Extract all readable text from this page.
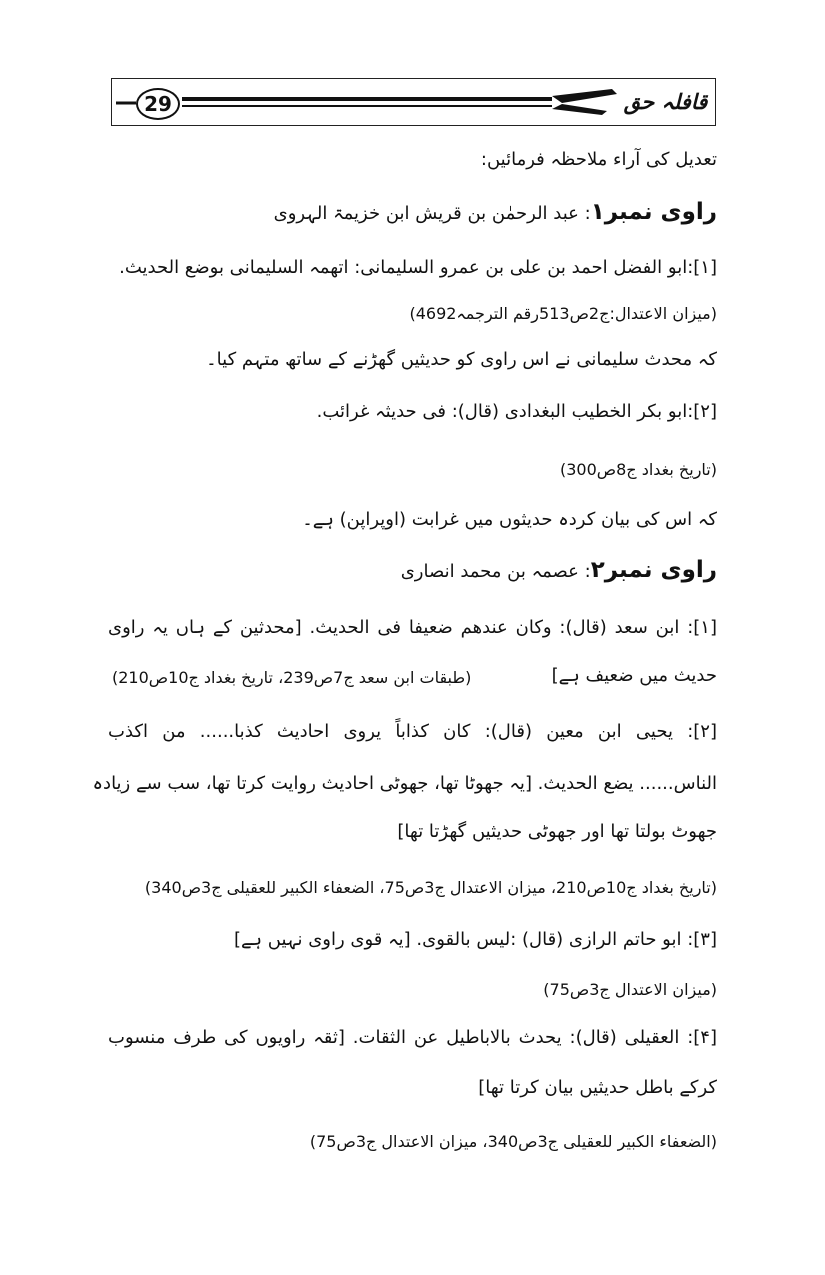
29	قافلہ حق
تعدیل کی آراء ملاحظہ فرمائیں:
راوی نمبر۱: عبد الرحمٰن بن قریش ابن خزیمۃ الہروی
[۱]:ابو الفضل احمد بن علی بن عمرو السلیمانی: اتھمہ السلیمانی بوضع الحدیث.
(میزان الاعتدال:ج2ص513رقم الترجمہ4692)
کہ محدث سلیمانی نے اس راوی کو حدیثیں گھڑنے کے ساتھ متہم کیا۔
[۲]:ابو بکر الخطیب البغدادی (قال): فی حدیثہ غرائب.
(تاریخ بغداد ج8ص300)
کہ اس کی بیان کردہ حدیثوں میں غرابت (اوپراپن) ہے۔
راوی نمبر۲: عصمہ بن محمد انصاری
[۱]: ابن سعد (قال): وکان عندھم ضعیفا فی الحدیث. [محدثین کے ہاں یہ راوی
حدیث میں ضعیف ہے]
(طبقات ابن سعد ج7ص239، تاریخ بغداد ج10ص210)
[۲]: یحیی ابن معین (قال): کان کذاباً یروی احادیث کذبا...... من اکذب
الناس...... یضع الحدیث. [یہ جھوٹا تھا، جھوٹی احادیث روایت کرتا تھا، سب سے زیادہ
جھوٹ بولتا تھا اور جھوٹی حدیثیں گھڑتا تھا]
(تاریخ بغداد ج10ص210، میزان الاعتدال ج3ص75، الضعفاء الکبیر للعقیلی ج3ص340)
[۳]: ابو حاتم الرازی (قال) :لیس بالقوی. [یہ قوی راوی نہیں ہے]
(میزان الاعتدال ج3ص75)
[۴]: العقیلی (قال): یحدث بالاباطیل عن الثقات. [ثقہ راویوں کی طرف منسوب
کرکے باطل حدیثیں بیان کرتا تھا]
(الضعفاء الکبیر للعقیلی ج3ص340، میزان الاعتدال ج3ص75)
